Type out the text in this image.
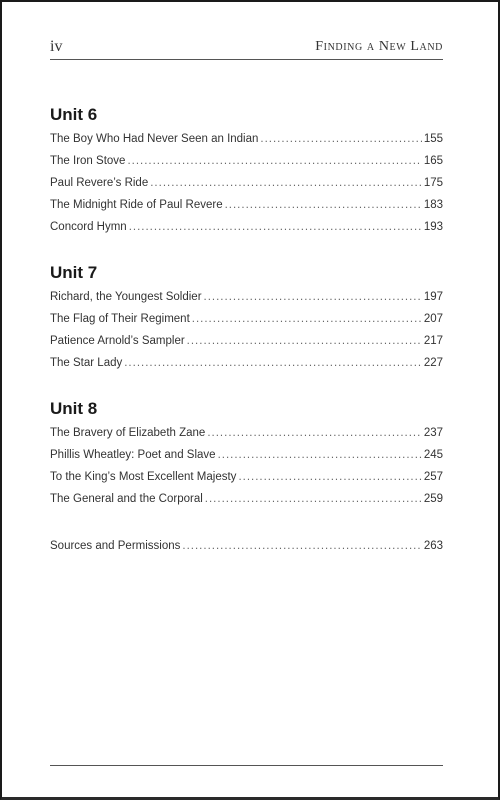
iv	Finding a New Land
Unit 6
The Boy Who Had Never Seen an Indian .....	155
The Iron Stove .....	165
Paul Revere’s Ride .....	175
The Midnight Ride of Paul Revere .....	183
Concord Hymn .....	193
Unit 7
Richard, the Youngest Soldier .....	197
The Flag of Their Regiment .....	207
Patience Arnold’s Sampler .....	217
The Star Lady .....	227
Unit 8
The Bravery of Elizabeth Zane .....	237
Phillis Wheatley: Poet and Slave .....	245
To the King’s Most Excellent Majesty .....	257
The General and the Corporal .....	259
Sources and Permissions .....	263
